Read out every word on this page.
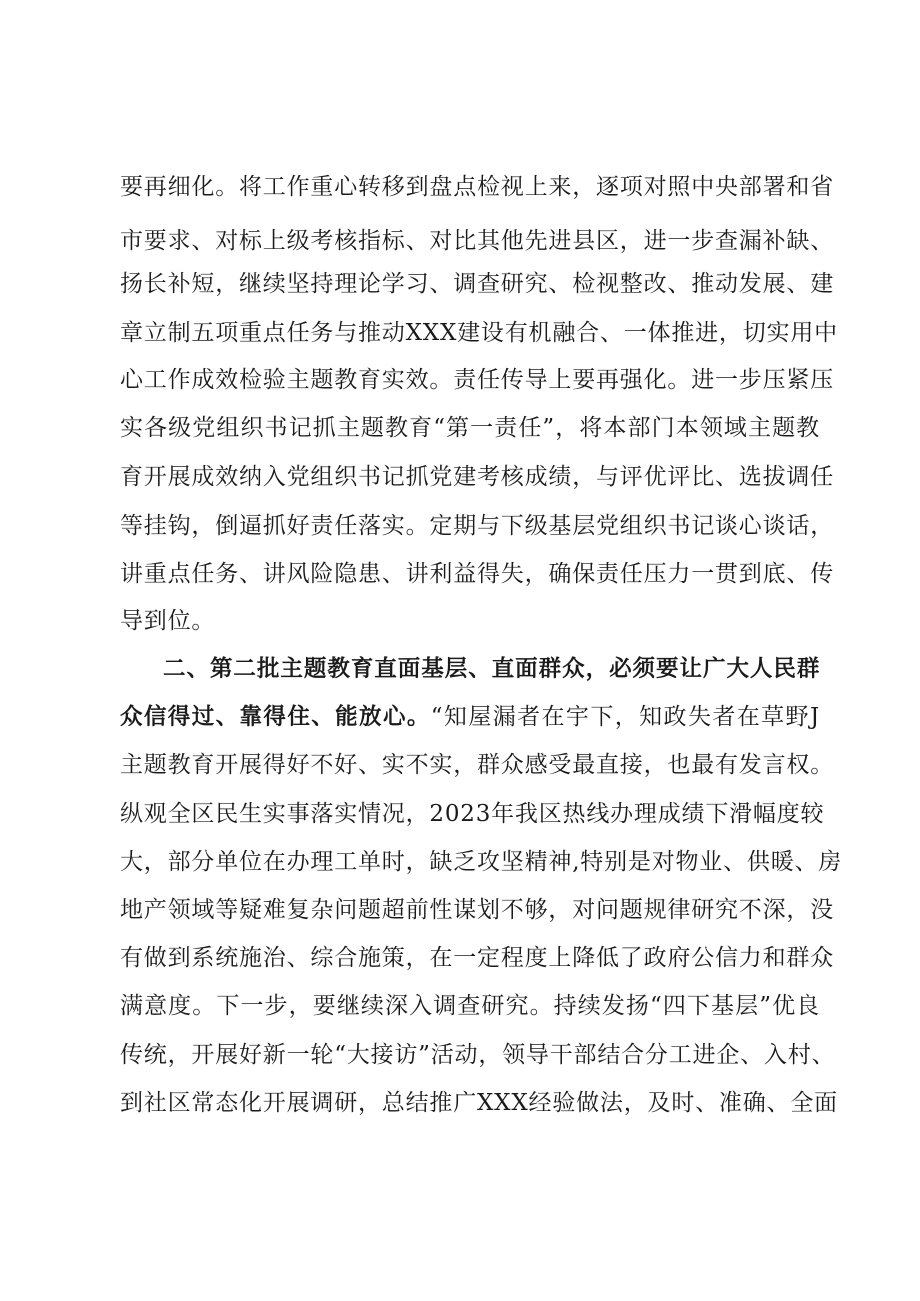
要再细化。将工作重心转移到盘点检视上来，逐项对照中央部署和省
市要求、对标上级考核指标、对比其他先进县区，进一步查漏补缺、
扬长补短，继续坚持理论学习、调查研究、检视整改、推动发展、建
章立制五项重点任务与推动XXX建设有机融合、一体推进，切实用中
心工作成效检验主题教育实效。责任传导上要再强化。进一步压紧压
实各级党组织书记抓主题教育“第一责任”，将本部门本领域主题教
育开展成效纳入党组织书记抓党建考核成绩，与评优评比、选拔调任
等挂钩，倒逼抓好责任落实。定期与下级基层党组织书记谈心谈话，
讲重点任务、讲风险隐患、讲利益得失，确保责任压力一贯到底、传
导到位。
二、第二批主题教育直面基层、直面群众，必须要让广大人民群
众信得过、靠得住、能放心。“知屋漏者在宇下，知政失者在草野J
主题教育开展得好不好、实不实，群众感受最直接，也最有发言权。
纵观全区民生实事落实情况，2023年我区热线办理成绩下滑幅度较
大，部分单位在办理工单时，缺乏攻坚精神,特别是对物业、供暖、房
地产领域等疑难复杂问题超前性谋划不够，对问题规律研究不深，没
有做到系统施治、综合施策，在一定程度上降低了政府公信力和群众
满意度。下一步，要继续深入调查研究。持续发扬“四下基层”优良
传统，开展好新一轮“大接访”活动，领导干部结合分工进企、入村、
到社区常态化开展调研，总结推广XXX经验做法，及时、准确、全面
